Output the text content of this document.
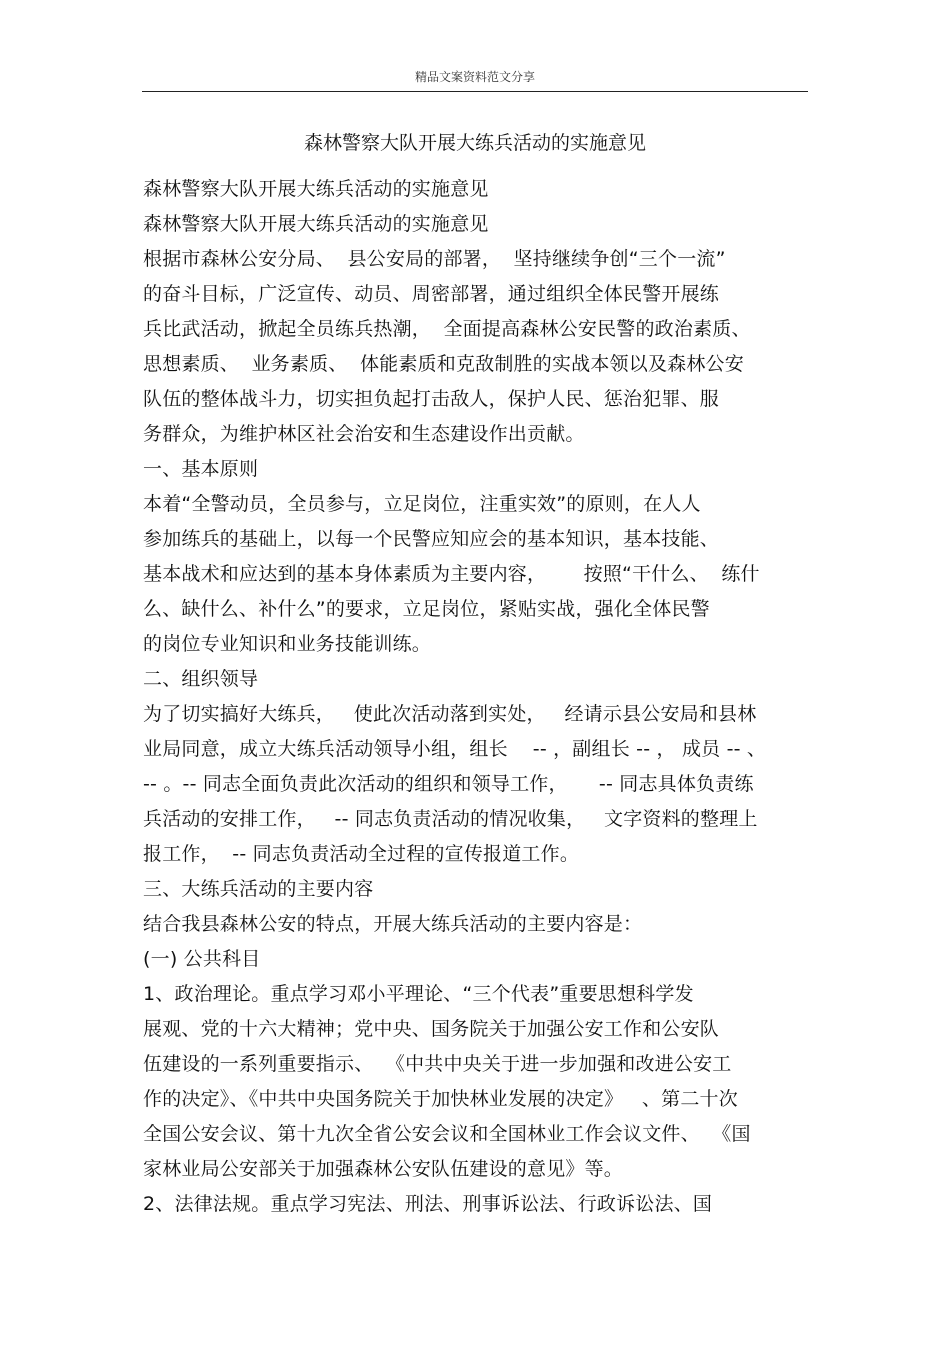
精品文案资料范文分享
森林警察大队开展大练兵活动的实施意见
森林警察大队开展大练兵活动的实施意见
森林警察大队开展大练兵活动的实施意见
根据市森林公安分局、  县公安局的部署，  坚持继续争创“三个一流”
的奋斗目标，广泛宣传、动员、周密部署，通过组织全体民警开展练
兵比武活动，掀起全员练兵热潮，  全面提高森林公安民警的政治素质、
思想素质、  业务素质、  体能素质和克敌制胜的实战本领以及森林公安
队伍的整体战斗力，切实担负起打击敌人，保护人民、惩治犯罪、服
务群众，为维护林区社会治安和生态建设作出贡献。
一、基本原则
本着“全警动员，全员参与，立足岗位，注重实效”的原则，在人人
参加练兵的基础上，以每一个民警应知应会的基本知识，基本技能、
基本战术和应达到的基本身体素质为主要内容，      按照“干什么、  练什
么、缺什么、补什么”的要求，立足岗位，紧贴实战，强化全体民警
的岗位专业知识和业务技能训练。
二、组织领导
为了切实搞好大练兵，   使此次活动落到实处，   经请示县公安局和县林
业局同意，成立大练兵活动领导小组，组长    -- ，副组长 -- ， 成员 -- 、
-- 。-- 同志全面负责此次活动的组织和领导工作，     -- 同志具体负责练
兵活动的安排工作，   -- 同志负责活动的情况收集，   文字资料的整理上
报工作，  -- 同志负责活动全过程的宣传报道工作。
三、大练兵活动的主要内容
结合我县森林公安的特点，开展大练兵活动的主要内容是：
(一) 公共科目
1、政治理论。重点学习邓小平理论、“三个代表”重要思想科学发
展观、党的十六大精神；党中央、国务院关于加强公安工作和公安队
伍建设的一系列重要指示、  《中共中央关于进一步加强和改进公安工
作的决定》、《中共中央国务院关于加快林业发展的决定》   、第二十次
全国公安会议、第十九次全省公安会议和全国林业工作会议文件、  《国
家林业局公安部关于加强森林公安队伍建设的意见》等。
2、法律法规。重点学习宪法、刑法、刑事诉讼法、行政诉讼法、国
